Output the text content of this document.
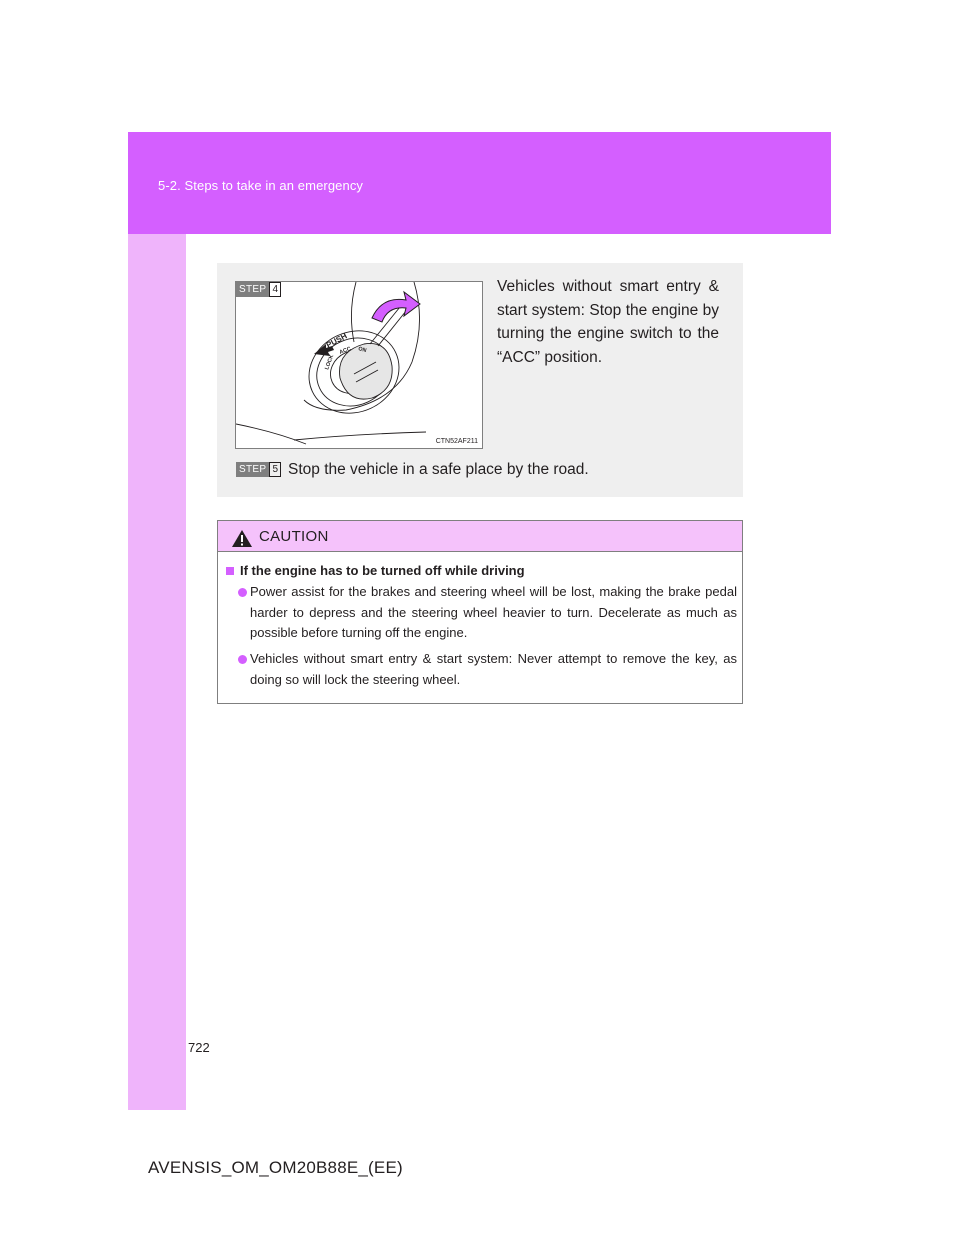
5-2. Steps to take in an emergency
PUSH
LOCK
ACC ON
CTN52AF211
STEP 4	Vehicles without smart entry & start system: Stop the engine by turning the engine switch to the “ACC” position.
STEP 5 Stop the vehicle in a safe place by the road.
CAUTION
If the engine has to be turned off while driving
Power assist for the brakes and steering wheel will be lost, making the brake pedal harder to depress and the steering wheel heavier to turn. Decelerate as much as possible before turning off the engine.
Vehicles without smart entry & start system: Never attempt to remove the key, as doing so will lock the steering wheel.
722
AVENSIS_OM_OM20B88E_(EE)
